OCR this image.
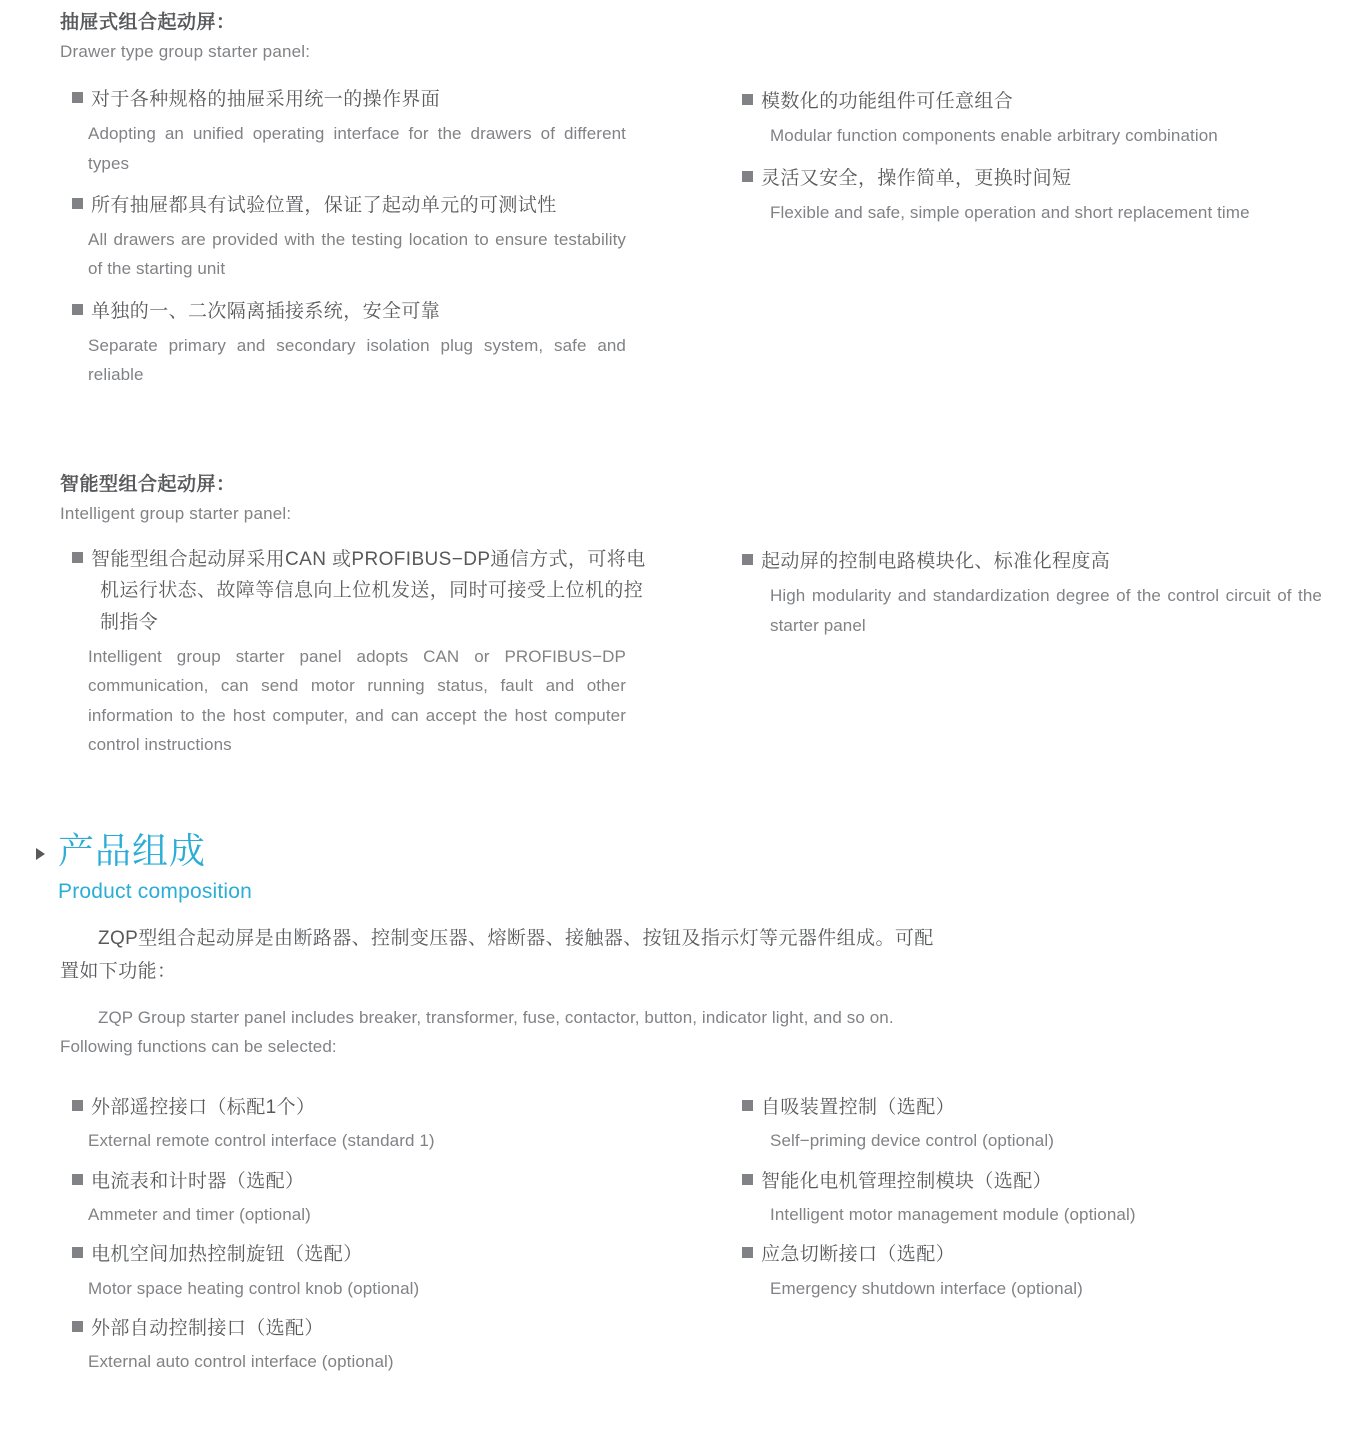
抽屉式组合起动屏：
Drawer type group starter panel:
对于各种规格的抽屉采用统一的操作界面
Adopting an unified operating interface for the drawers of different types
所有抽屉都具有试验位置，保证了起动单元的可测试性
All drawers are provided with the testing location to ensure testability of the starting unit
单独的一、二次隔离插接系统，安全可靠
Separate primary and secondary isolation plug system, safe and reliable
模数化的功能组件可任意组合
Modular function components enable arbitrary combination
灵活又安全，操作简单，更换时间短
Flexible and safe, simple operation and short replacement time
智能型组合起动屏：
Intelligent group starter panel:
智能型组合起动屏采用CAN 或PROFIBUS−DP通信方式，可将电机运行状态、故障等信息向上位机发送，同时可接受上位机的控制指令
Intelligent group starter panel adopts CAN or PROFIBUS−DP communication, can send motor running status, fault and other information to the host computer, and can accept the host computer control instructions
起动屏的控制电路模块化、标准化程度高
High modularity and standardization degree of the control circuit of the starter panel
产品组成
Product composition
ZQP型组合起动屏是由断路器、控制变压器、熔断器、接触器、按钮及指示灯等元器件组成。可配置如下功能：
ZQP Group starter panel includes breaker, transformer, fuse, contactor, button, indicator light, and so on. Following functions can be selected:
外部遥控接口（标配1个）
External remote control interface (standard 1)
电流表和计时器（选配）
Ammeter and timer (optional)
电机空间加热控制旋钮（选配）
Motor space heating control knob (optional)
外部自动控制接口（选配）
External auto control interface (optional)
自吸装置控制（选配）
Self−priming device control (optional)
智能化电机管理控制模块（选配）
Intelligent motor management module (optional)
应急切断接口（选配）
Emergency shutdown interface (optional)
